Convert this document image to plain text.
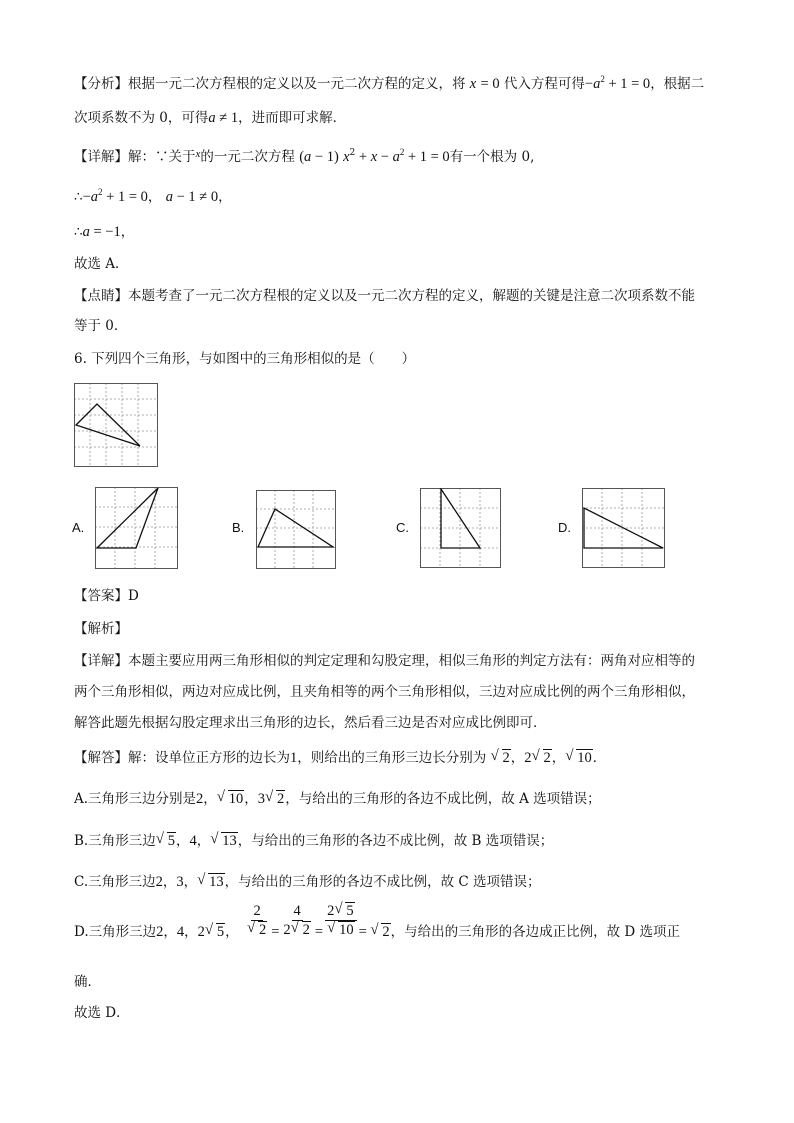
【分析】根据一元二次方程根的定义以及一元二次方程的定义，将 x = 0 代入方程可得$-a^2 + 1 = 0$，根据二
次项系数不为 0，可得a ≠ 1，进而即可求解．
【详解】解：∵关于$^x$的一元二次方程 (a − 1) $x^2 + x - a^2 + 1 = 0$有一个根为 0,
$\therefore-a^2 + 1 = 0$， a − 1 ≠ 0，
∴a = −1，
故选 A．
【点睛】本题考查了一元二次方程根的定义以及一元二次方程的定义，解题的关键是注意二次项系数不能
等于 0．
6. 下列四个三角形，与如图中的三角形相似的是（　　）
A.	B.	C.	D.
【答案】D
【解析】
【详解】本题主要应用两三角形相似的判定定理和勾股定理，相似三角形的判定方法有：两角对应相等的
两个三角形相似，两边对应成比例，且夹角相等的两个三角形相似，三边对应成比例的两个三角形相似，
解答此题先根据勾股定理求出三角形的边长，然后看三边是否对应成比例即可．
【解答】解：设单位正方形的边长为1，则给出的三角形三边长分别为 √ 2，2√ 2，√ 10．
A.三角形三边分别是2，√ 10，3√ 2，与给出的三角形的各边不成比例，故 A 选项错误；
B.三角形三边√ 5，4，√ 13，与给出的三角形的各边不成比例，故 B 选项错误；
C.三角形三边2，3，√ 13，与给出的三角形的各边不成比例，故 C 选项错误；
D.三角形三边2，4，2√ 5， 2
√ $2 = \frac{4}{2√ 2} = 2√$ 5
√ 10 = √ 2，与给出的三角形的各边成正比例，故 D 选项正
确．
故选 D．
